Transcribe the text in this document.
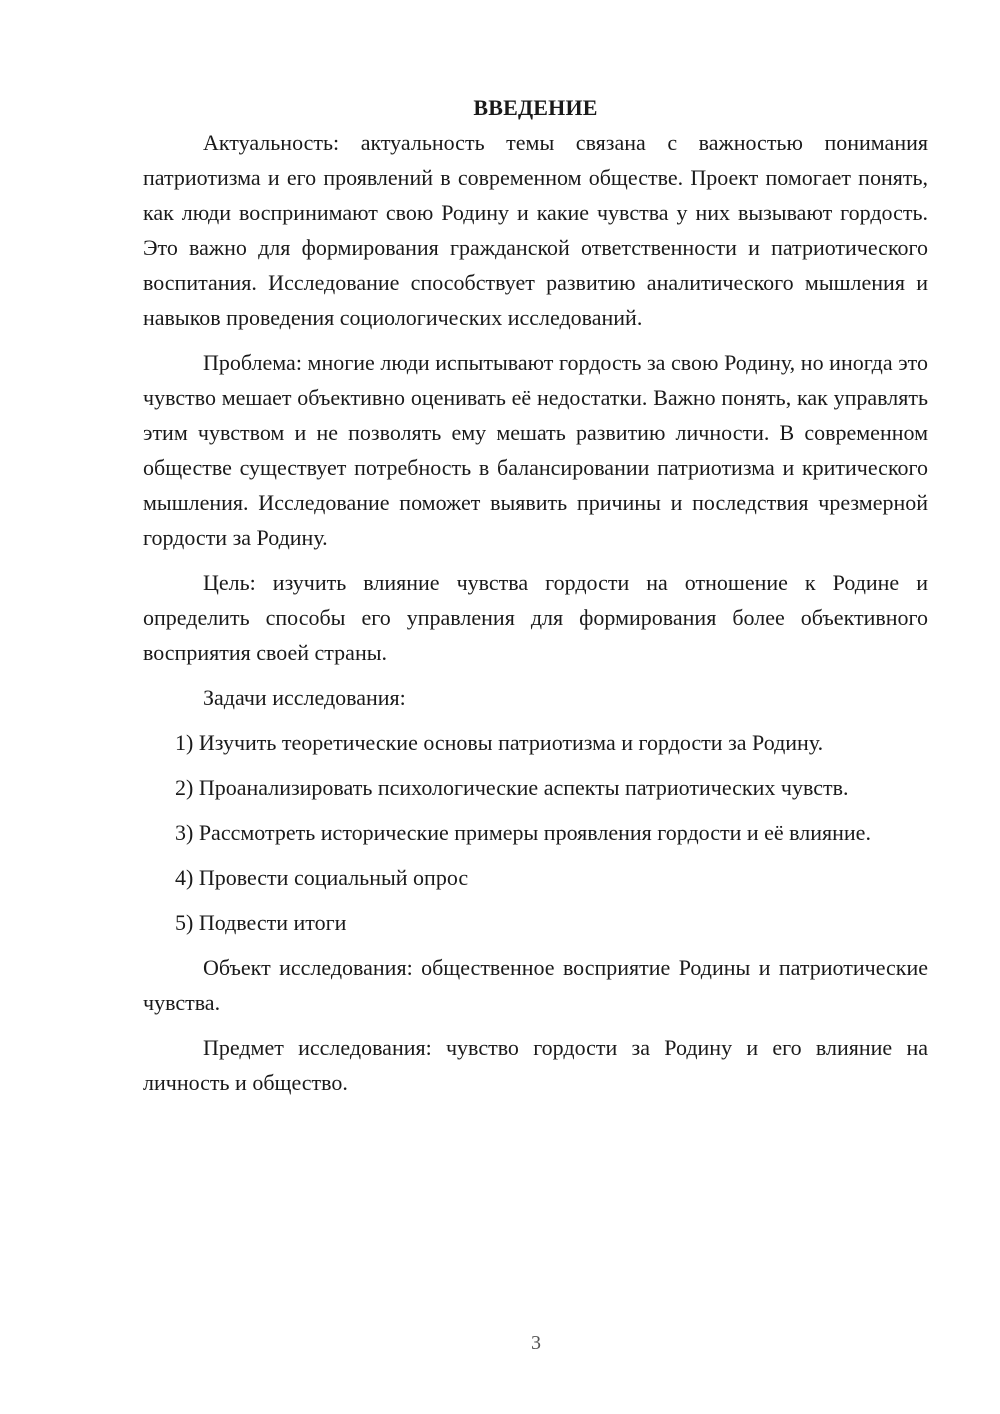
ВВЕДЕНИЕ

Актуальность: актуальность темы связана с важностью понимания патриотизма и его проявлений в современном обществе. Проект помогает понять, как люди воспринимают свою Родину и какие чувства у них вызывают гордость. Это важно для формирования гражданской ответственности и патриотического воспитания. Исследование способствует развитию аналитического мышления и навыков проведения социологических исследований.

Проблема: многие люди испытывают гордость за свою Родину, но иногда это чувство мешает объективно оценивать её недостатки. Важно понять, как управлять этим чувством и не позволять ему мешать развитию личности. В современном обществе существует потребность в балансировании патриотизма и критического мышления. Исследование поможет выявить причины и последствия чрезмерной гордости за Родину.

Цель: изучить влияние чувства гордости на отношение к Родине и определить способы его управления для формирования более объективного восприятия своей страны.

Задачи исследования:

1) Изучить теоретические основы патриотизма и гордости за Родину.

2) Проанализировать психологические аспекты патриотических чувств.

3) Рассмотреть исторические примеры проявления гордости и её влияние.

4) Провести социальный опрос

5) Подвести итоги

Объект исследования: общественное восприятие Родины и патриотические чувства.

Предмет исследования: чувство гордости за Родину и его влияние на личность и общество.

3
